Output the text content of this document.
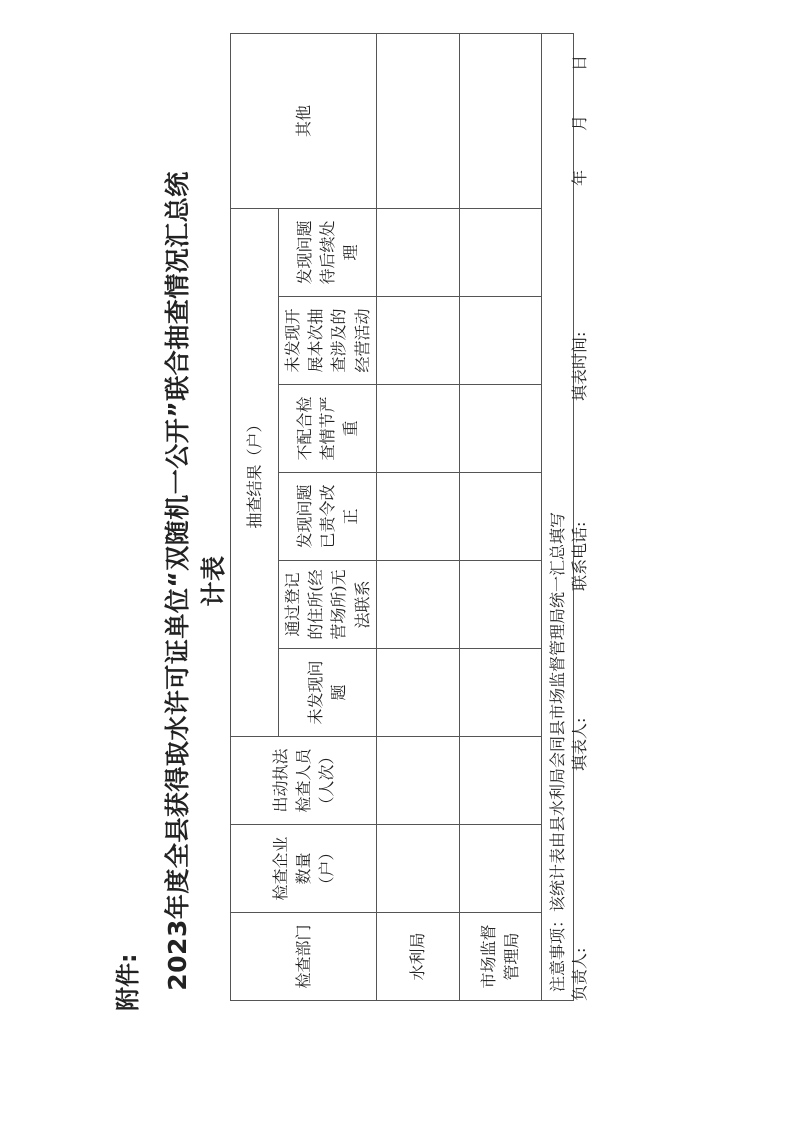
附件: 2023年度全县获得取水许可证单位“双随机一公开”联合抽查情况汇总统计表
检查部门	检查企业数量（户）	出动执法检查人员（人次）	抽查结果（户）						其他
			未发现问题	通过登记的住所(经营场所)无法联系	发现问题已责令改正	不配合检查情节严重	未发现开展本次抽查涉及的经营活动	发现问题待后续处理	
水利局									
市场监督管理局									
注意事项：该统计表由县水利局会同县市场监督管理局统一汇总填写									负责人:
填表人:
联系电话:
填表时间:
年
月
日
